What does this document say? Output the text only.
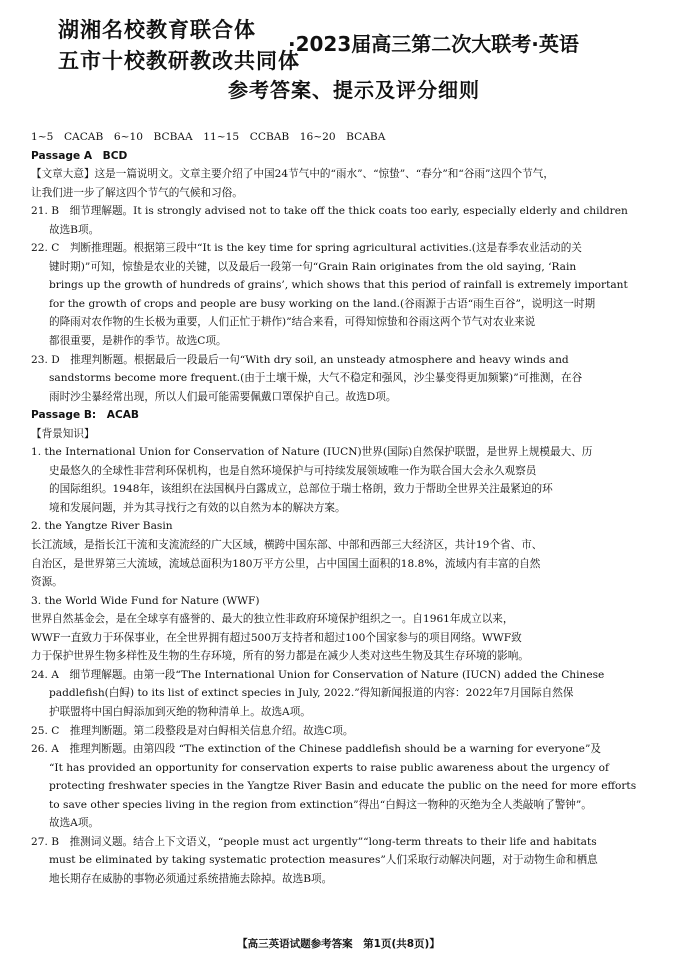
湖湘名校教育联合体
五市十校教研教改共同体
·2023届高三第二次大联考·英语
参考答案、提示及评分细则
1~5　CACAB　6~10　BCBAA　11~15　CCBAB　16~20　BCABA
Passage A　BCD
【文章大意】这是一篇说明文。文章主要介绍了中国24节气中的“雨水”、“惊蛰”、“春分”和“谷雨”这四个节气，
让我们进一步了解这四个节气的气候和习俗。
21. B　细节理解题。It is strongly advised not to take off the thick coats too early, especially elderly and children
故选B项。
22. C　判断推理题。根据第三段中“It is the key time for spring agricultural activities.(这是春季农业活动的关
键时期)”可知，惊蛰是农业的关键，以及最后一段第一句“Grain Rain originates from the old saying, ‘Rain
brings up the growth of hundreds of grains’, which shows that this period of rainfall is extremely important
for the growth of crops and people are busy working on the land.(谷雨源于古语“雨生百谷”，说明这一时期
的降雨对农作物的生长极为重要，人们正忙于耕作)”结合来看，可得知惊蛰和谷雨这两个节气对农业来说
都很重要，是耕作的季节。故选C项。
23. D　推理判断题。根据最后一段最后一句“With dry soil, an unsteady atmosphere and heavy winds and
sandstorms become more frequent.(由于土壤干燥，大气不稳定和强风，沙尘暴变得更加频繁)”可推测，在谷
雨时沙尘暴经常出现，所以人们最可能需要佩戴口罩保护自己。故选D项。
Passage B:　ACAB
【背景知识】
1. the International Union for Conservation of Nature (IUCN)世界(国际)自然保护联盟，是世界上规模最大、历
史最悠久的全球性非营利环保机构，也是自然环境保护与可持续发展领域唯一作为联合国大会永久观察员
的国际组织。1948年，该组织在法国枫丹白露成立，总部位于瑞士格朗，致力于帮助全世界关注最紧迫的环
境和发展问题，并为其寻找行之有效的以自然为本的解决方案。
2. the Yangtze River Basin
长江流域，是指长江干流和支流流经的广大区域，横跨中国东部、中部和西部三大经济区，共计19个省、市、
自治区，是世界第三大流域，流域总面积为180万平方公里，占中国国土面积的18.8%，流域内有丰富的自然
资源。
3. the World Wide Fund for Nature (WWF)
世界自然基金会，是在全球享有盛誉的、最大的独立性非政府环境保护组织之一。自1961年成立以来，
WWF一直致力于环保事业，在全世界拥有超过500万支持者和超过100个国家参与的项目网络。WWF致
力于保护世界生物多样性及生物的生存环境，所有的努力都是在减少人类对这些生物及其生存环境的影响。
24. A　细节理解题。由第一段“The International Union for Conservation of Nature (IUCN) added the Chinese
paddlefish(白鲟) to its list of extinct species in July, 2022.”得知新闻报道的内容：2022年7月国际自然保
护联盟将中国白鲟添加到灭绝的物种清单上。故选A项。
25. C　推理判断题。第二段整段是对白鲟相关信息介绍。故选C项。
26. A　推理判断题。由第四段 “The extinction of the Chinese paddlefish should be a warning for everyone”及
“It has provided an opportunity for conservation experts to raise public awareness about the urgency of
protecting freshwater species in the Yangtze River Basin and educate the public on the need for more efforts
to save other species living in the region from extinction”得出“白鲟这一物种的灭绝为全人类敲响了警钟”。
故选A项。
27. B　推测词义题。结合上下文语义，“people must act urgently”“long-term threats to their life and habitats
must be eliminated by taking systematic protection measures”人们采取行动解决问题，对于动物生命和栖息
地长期存在威胁的事物必须通过系统措施去除掉。故选B项。
【高三英语试题参考答案　第1页(共8页)】
